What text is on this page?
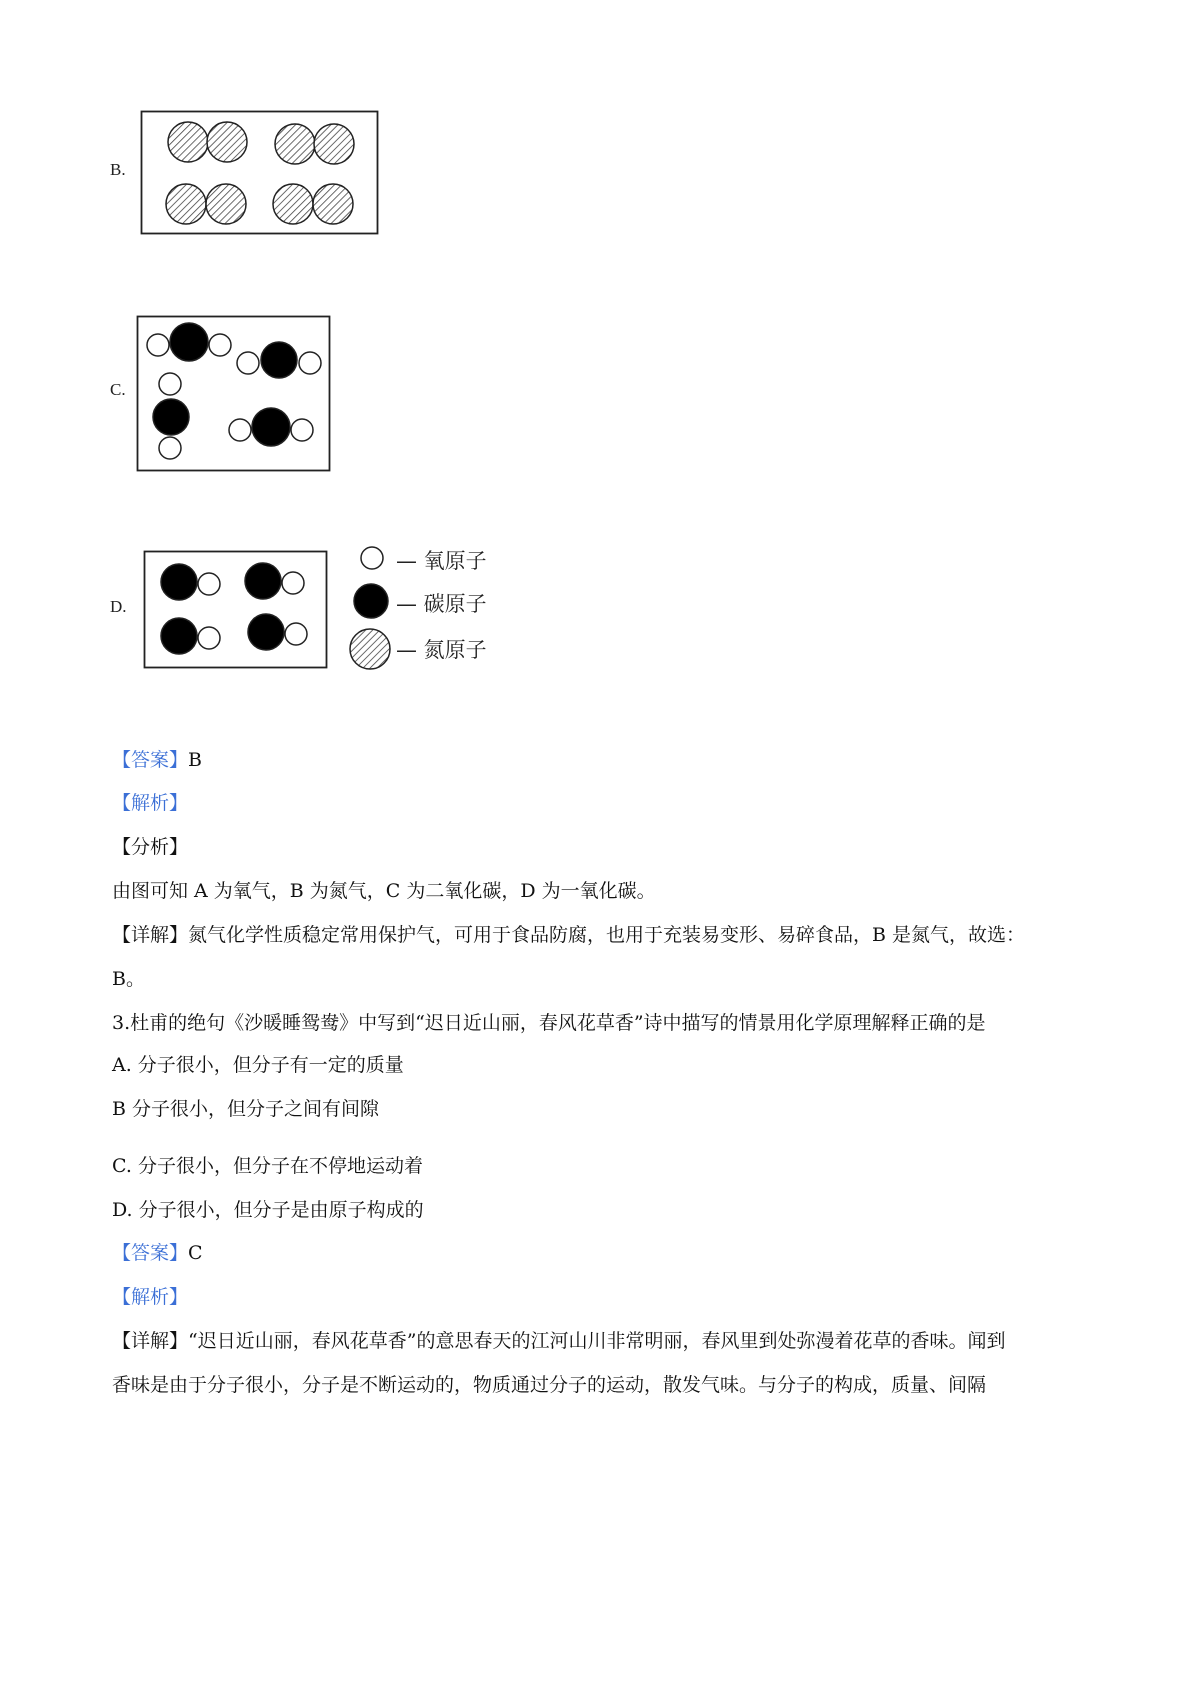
B.
C.
D.
— 氧原子
— 碳原子
— 氮原子
【答案】B
【解析】
【分析】
由图可知 A 为氧气，B 为氮气，C 为二氧化碳，D 为一氧化碳。
【详解】氮气化学性质稳定常用保护气，可用于食品防腐，也用于充装易变形、易碎食品，B 是氮气，故选：
B。
3.杜甫的绝句《沙暖睡鸳鸯》中写到“迟日近山丽，春风花草香”诗中描写的情景用化学原理解释正确的是
A. 分子很小，但分子有一定的质量
B 分子很小，但分子之间有间隙
C. 分子很小，但分子在不停地运动着
D. 分子很小，但分子是由原子构成的
【答案】C
【解析】
【详解】“迟日近山丽，春风花草香”的意思春天的江河山川非常明丽，春风里到处弥漫着花草的香味。闻到
香味是由于分子很小，分子是不断运动的，物质通过分子的运动，散发气味。与分子的构成，质量、间隔
